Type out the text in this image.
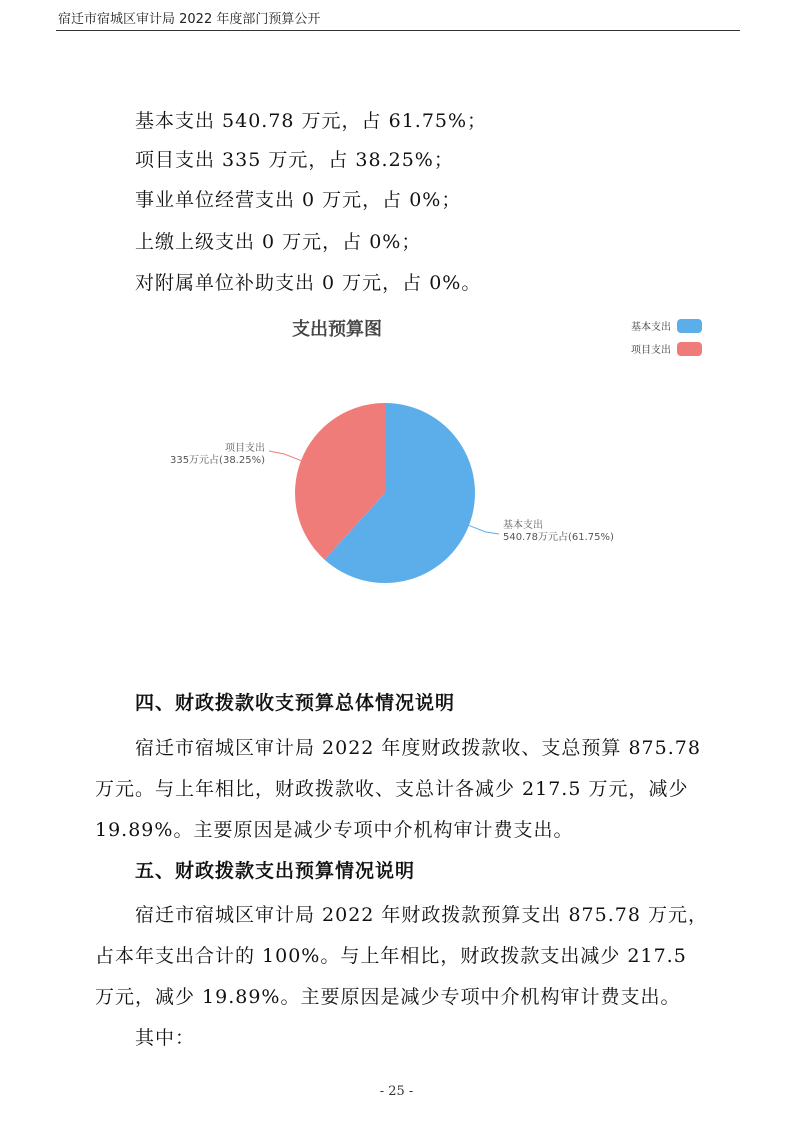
宿迁市宿城区审计局 2022 年度部门预算公开
基本支出 540.78 万元，占 61.75%；
项目支出 335 万元，占 38.25%；
事业单位经营支出 0 万元，占 0%；
上缴上级支出 0 万元，占 0%；
对附属单位补助支出 0 万元，占 0%。
支出预算图	基本支出
项目支出
项目支出
335万元占(38.25%)
基本支出
540.78万元占(61.75%)
四、财政拨款收支预算总体情况说明
宿迁市宿城区审计局 2022 年度财政拨款收、支总预算 875.78
万元。与上年相比，财政拨款收、支总计各减少 217.5 万元，减少
19.89%。主要原因是减少专项中介机构审计费支出。
五、财政拨款支出预算情况说明
宿迁市宿城区审计局 2022 年财政拨款预算支出 875.78 万元，
占本年支出合计的 100%。与上年相比，财政拨款支出减少 217.5
万元，减少 19.89%。主要原因是减少专项中介机构审计费支出。
其中：
- 25 -
